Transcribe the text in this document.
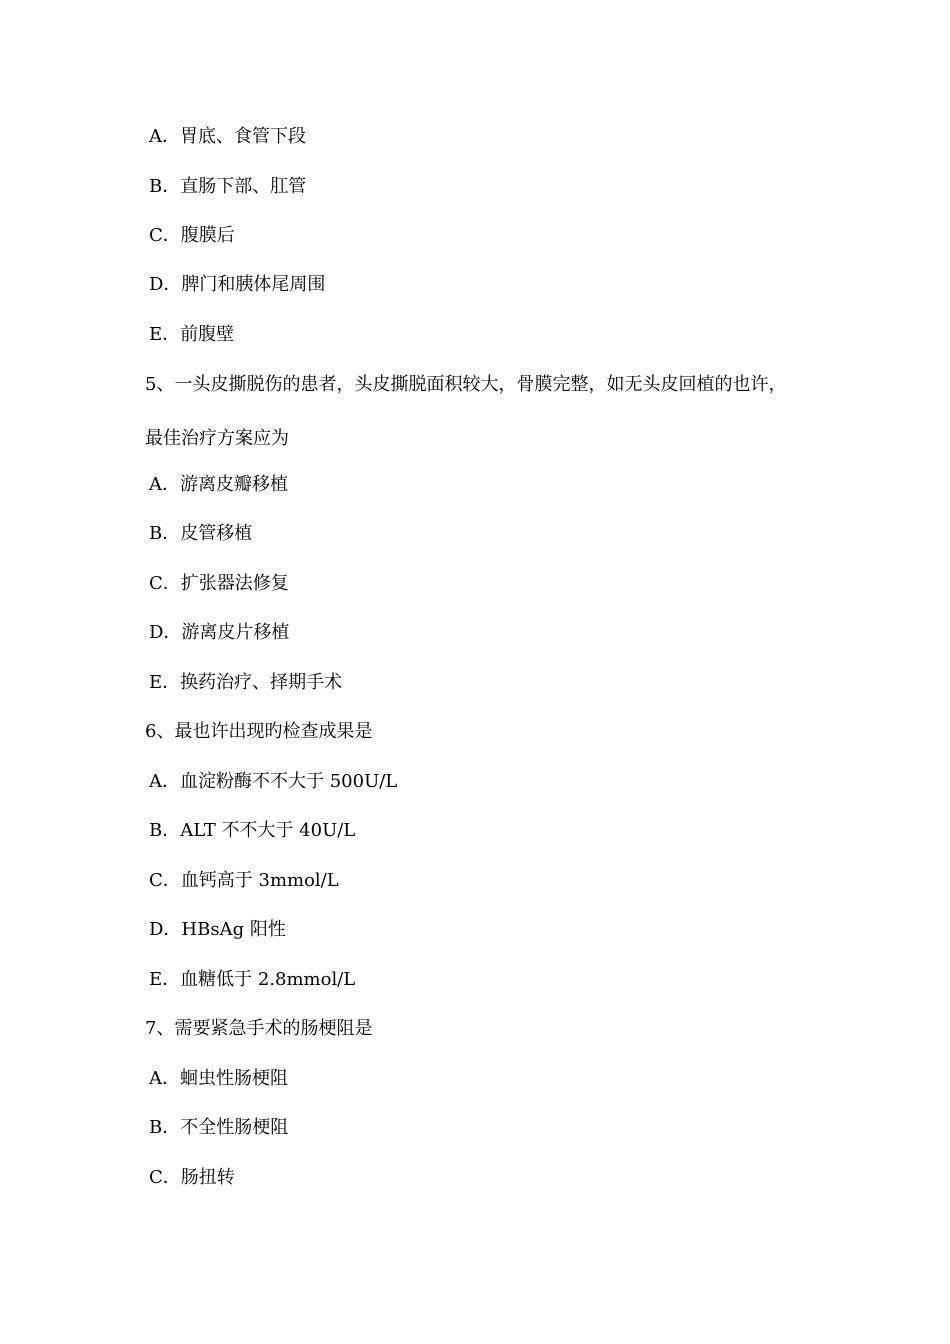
A．胃底、食管下段
B．直肠下部、肛管
C．腹膜后
D．脾门和胰体尾周围
E．前腹壁
5、一头皮撕脱伤的患者，头皮撕脱面积较大，骨膜完整，如无头皮回植的也许，
最佳治疗方案应为
A．游离皮瓣移植
B．皮管移植
C．扩张器法修复
D．游离皮片移植
E．换药治疗、择期手术
6、最也许出现旳检查成果是
A．血淀粉酶不不大于 500U/L
B．ALT 不不大于 40U/L
C．血钙高于 3mmol/L
D．HBsAg 阳性
E．血糖低于 2.8mmol/L
7、需要紧急手术的肠梗阻是
A．蛔虫性肠梗阻
B．不全性肠梗阻
C．肠扭转
